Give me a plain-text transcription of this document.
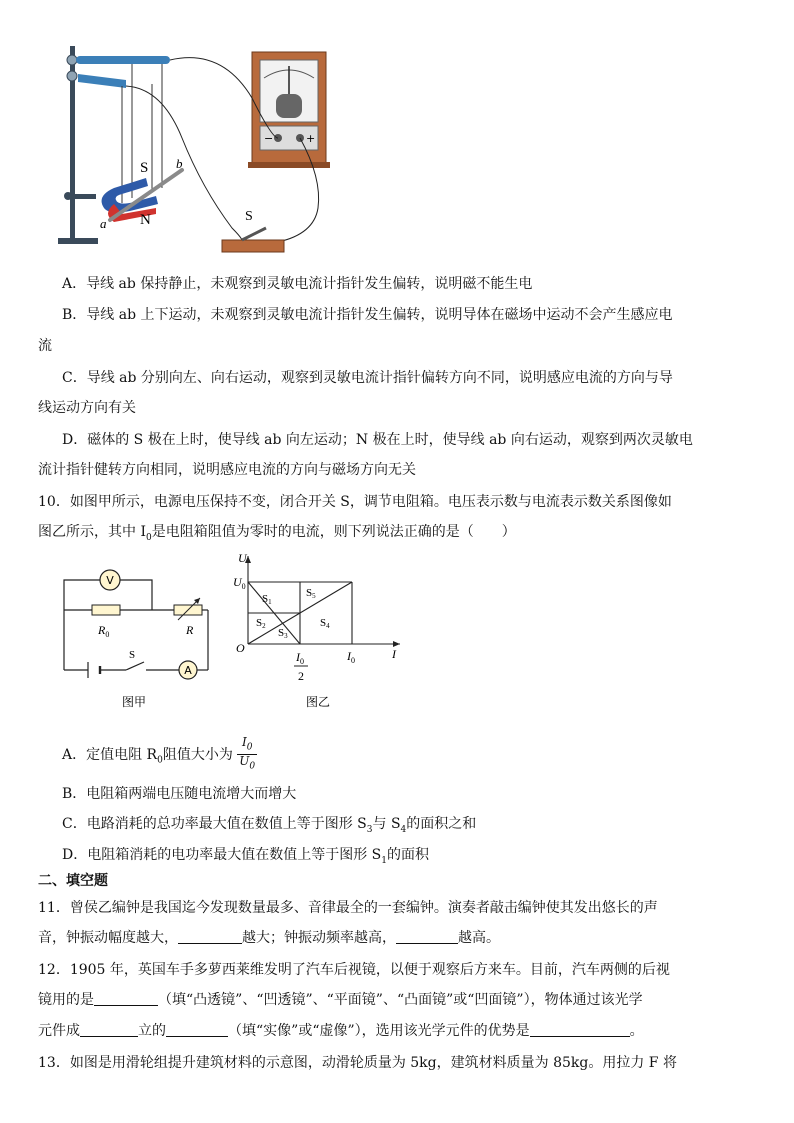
S
N
a
b
−	+
S
A．导线 ab 保持静止，未观察到灵敏电流计指针发生偏转，说明磁不能生电
B．导线 ab 上下运动，未观察到灵敏电流计指针发生偏转，说明导体在磁场中运动不会产生感应电
流
C．导线 ab 分别向左、向右运动，观察到灵敏电流计指针偏转方向不同，说明感应电流的方向与导
线运动方向有关
D．磁体的 S 极在上时，使导线 ab 向左运动；N 极在上时，使导线 ab 向右运动，观察到两次灵敏电
流计指针健转方向相同，说明感应电流的方向与磁场方向无关
10．如图甲所示，电源电压保持不变，闭合开关 S，调节电阻箱。电压表示数与电流表示数关系图像如
图乙所示，其中 $I_0$是电阻箱阻值为零时的电流，则下列说法正确的是（　　）
V
$R_0$	R
S
A
图甲
U
I
O
$U_0$
$I_0$
$I_0$
2
S1
S2
S3
S4
S5
图乙
A．定值电阻 $R_0$阻值大小为 $\frac{I_0}{U_0}$
B．电阻箱两端电压随电流增大而增大
C．电路消耗的总功率最大值在数值上等于图形 $S_3$与 $S_4$的面积之和
D．电阻箱消耗的电功率最大值在数值上等于图形 $S_1$的面积
二、填空题
11．曾侯乙编钟是我国迄今发现数量最多、音律最全的一套编钟。演奏者敲击编钟使其发出悠长的声
音，钟振动幅度越大，	越大；钟振动频率越高，	越高。
12．1905 年，英国车手多萝西莱维发明了汽车后视镜，以便于观察后方来车。目前，汽车两侧的后视
镜用的是	（填“凸透镜”、“凹透镜”、“平面镜”、“凸面镜”或“凹面镜”），物体通过该光学
元件成	立的	（填“实像”或“虚像”），选用该光学元件的优势是	。
13．如图是用滑轮组提升建筑材料的示意图，动滑轮质量为 5kg，建筑材料质量为 85kg。用拉力 F 将
